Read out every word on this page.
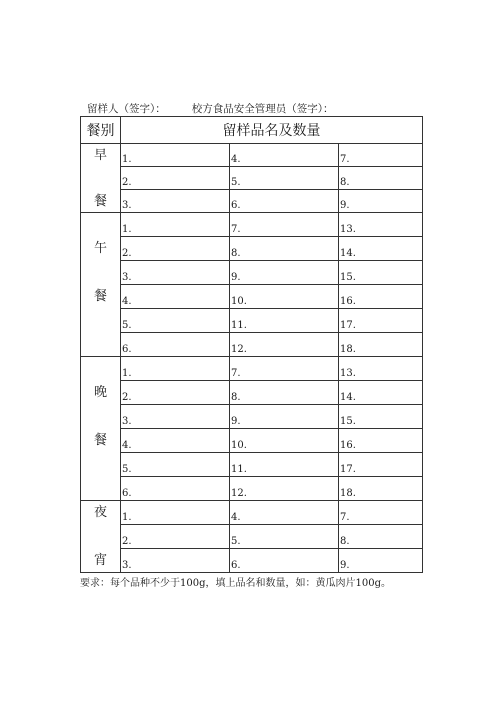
留样人（签字）： 校方食品安全管理员（签字）：
餐别	留样品名及数量		

早
餐	1.	4.	7.
	2.	5.	8.
	3.	6.	9.

午
餐	1.	7.	13.
	2.	8.	14.
	3.	9.	15.
	4.	10.	16.
	5.	11.	17.
	6.	12.	18.

晚
餐	1.	7.	13.
	2.	8.	14.
	3.	9.	15.
	4.	10.	16.
	5.	11.	17.
	6.	12.	18.

夜
宵	1.	4.	7.
	2.	5.	8.
	3.	6.	9.
要求：每个品种不少于100g，填上品名和数量，如：黄瓜肉片100g。
